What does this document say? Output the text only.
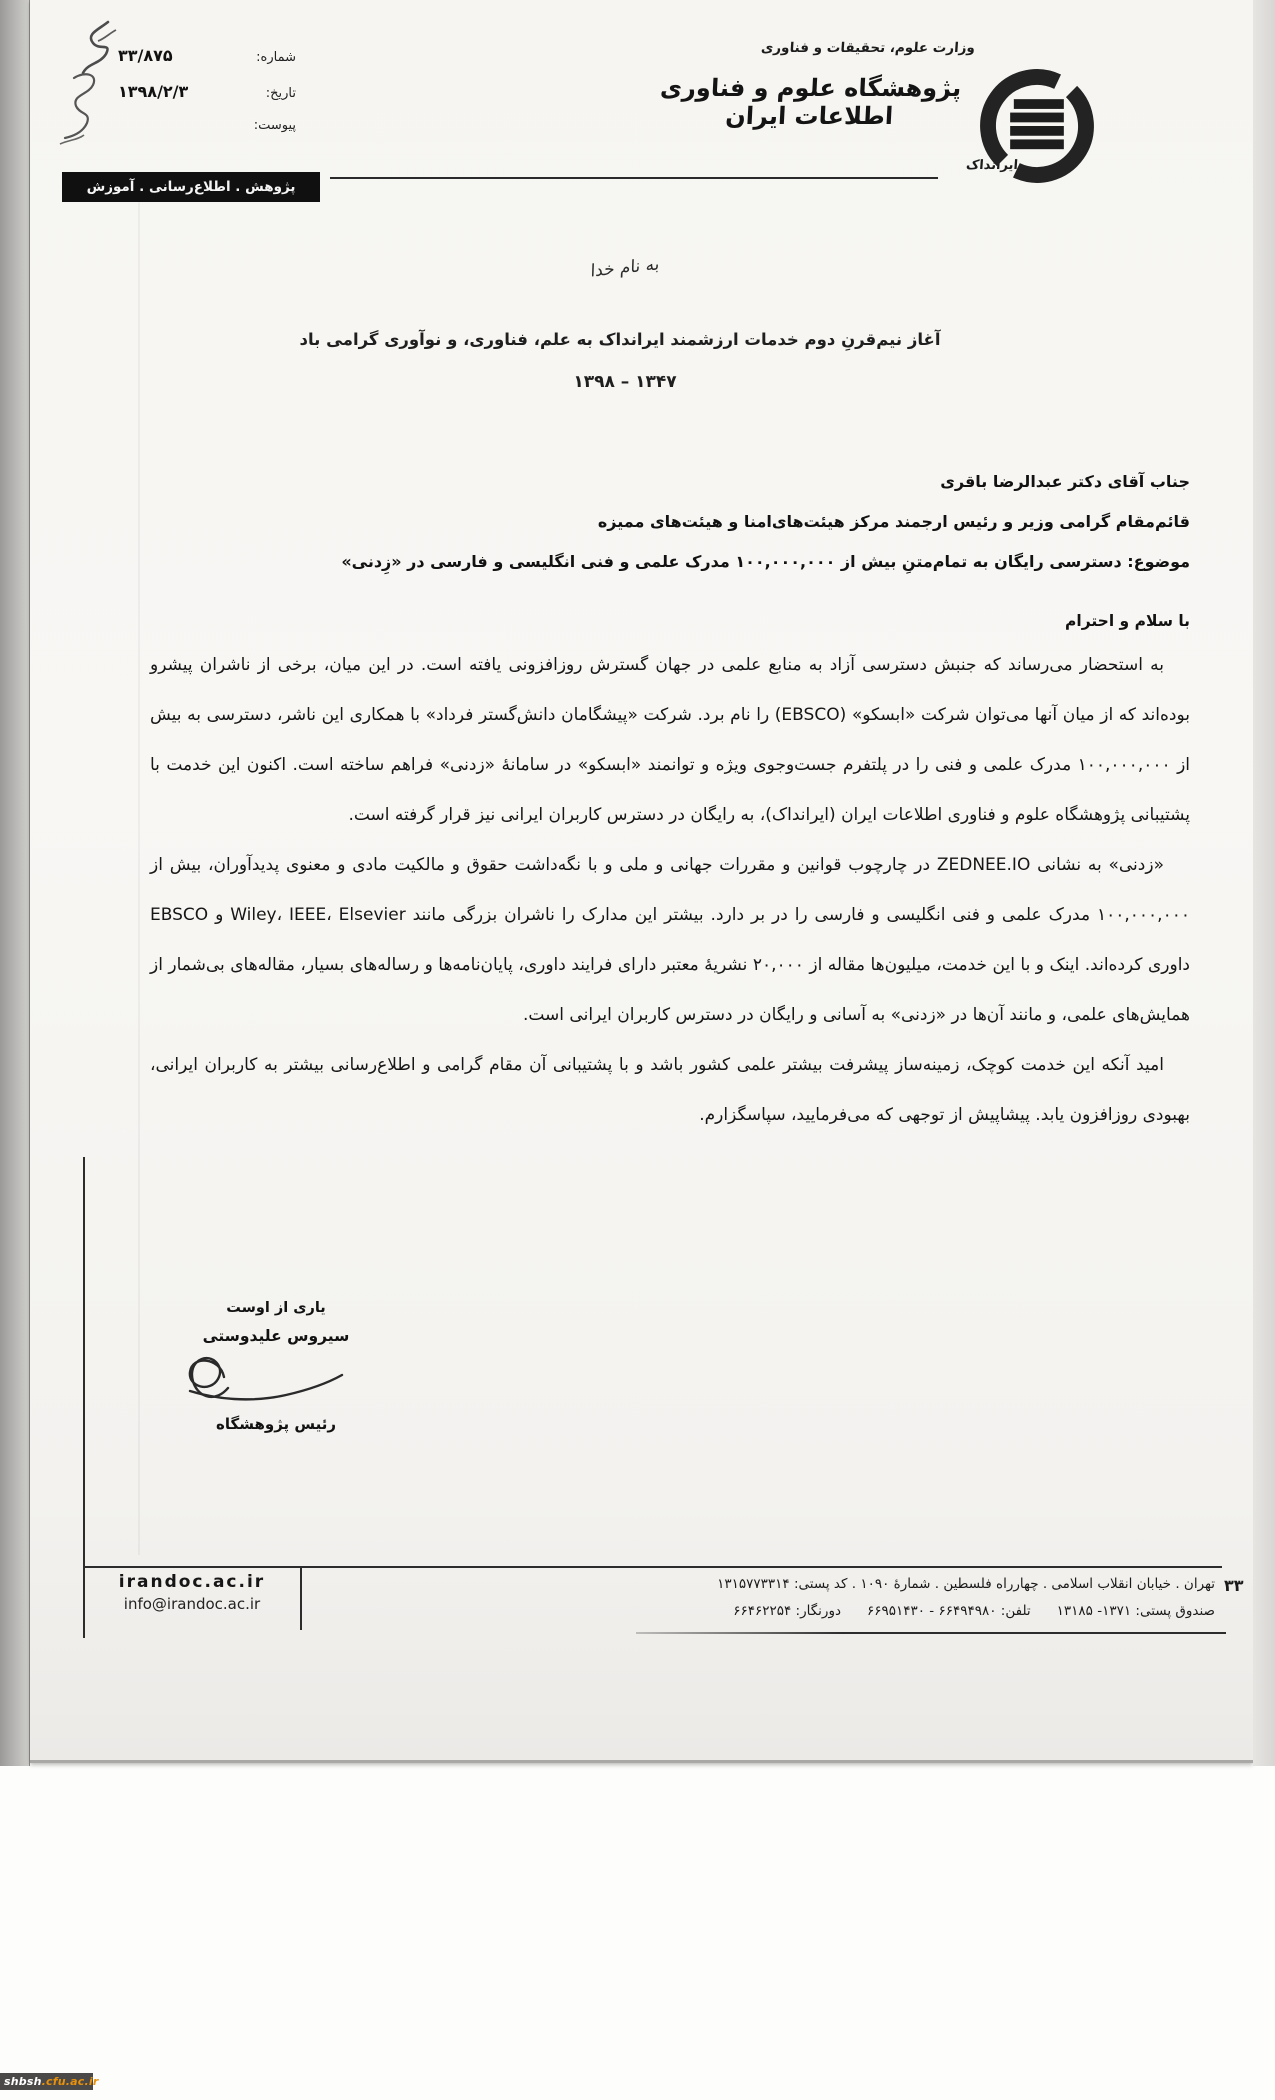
شماره:
۳۳/۸۷۵
تاریخ:
۱۳۹۸/۲/۳
پیوست:
وزارت علوم، تحقیقات و فناوری
پژوهشگاه علوم و فناوری اطلاعات ایران
ایرانداک
پژوهش . اطلاع‌رسانی . آموزش
به نام خدا
آغاز نیم‌قرنِ دوم خدمات ارزشمند ایرانداک به علم، فناوری، و نوآوری گرامی باد
۱۳۴۷ – ۱۳۹۸
جناب آقای دکتر عبدالرضا باقری
قائم‌مقام گرامی وزیر و رئیس ارجمند مرکز هیئت‌های‌امنا و هیئت‌های ممیزه
موضوع: دسترسی رایگان به تمام‌متنِ بیش از ۱۰۰,۰۰۰,۰۰۰ مدرک علمی و فنی انگلیسی و فارسی در «زِدنی»
با سلام و احترام

به استحضار می‌رساند که جنبش دسترسی آزاد به منابع علمی در جهان گسترش روزافزونی یافته است. در این میان، برخی از ناشران پیشرو بوده‌اند که از میان آنها می‌توان شرکت «ابسکو» (EBSCO) را نام برد. شرکت «پیشگامان دانش‌گستر فرداد» با همکاری این ناشر، دسترسی به بیش از ۱۰۰,۰۰۰,۰۰۰ مدرک علمی و فنی را در پلتفرم جست‌وجوی ویژه و توانمند «ابسکو» در سامانهٔ «زدنی» فراهم ساخته است. اکنون این خدمت با پشتیبانی پژوهشگاه علوم و فناوری اطلاعات ایران (ایرانداک)، به رایگان در دسترس کاربران ایرانی نیز قرار گرفته است.

«زدنی» به نشانی ZEDNEE.IO در چارچوب قوانین و مقررات جهانی و ملی و با نگه‌داشت حقوق و مالکیت مادی و معنوی پدیدآوران، بیش از ۱۰۰,۰۰۰,۰۰۰ مدرک علمی و فنی انگلیسی و فارسی را در بر دارد. بیشتر این مدارک را ناشران بزرگی مانند Wiley، IEEE، Elsevier و EBSCO داوری کرده‌اند. اینک و با این خدمت، میلیون‌ها مقاله از ۲۰,۰۰۰ نشریهٔ معتبر دارای فرایند داوری، پایان‌نامه‌ها و رساله‌های بسیار، مقاله‌های بی‌شمار از همایش‌های علمی، و مانند آن‌ها در «زدنی» به آسانی و رایگان در دسترس کاربران ایرانی است.

امید آنکه این خدمت کوچک، زمینه‌ساز پیشرفت بیشتر علمی کشور باشد و با پشتیبانی آن مقام گرامی و اطلاع‌رسانی بیشتر به کاربران ایرانی، بهبودی روزافزون یابد. پیشاپیش از توجهی که می‌فرمایید، سپاسگزارم.

یاری از اوست
سیروس علیدوستی
رئیس پژوهشگاه
irandoc.ac.ir
info@irandoc.ac.ir
تهران . خیابان انقلاب اسلامی . چهارراه فلسطین . شمارهٔ ۱۰۹۰ . کد پستی: ۱۳۱۵۷۷۳۳۱۴
صندوق پستی: ۱۳۷۱- ۱۳۱۸۵تلفن: ۶۶۴۹۴۹۸۰ - ۶۶۹۵۱۴۳۰دورنگار: ۶۶۴۶۲۲۵۴
۳۳
shbsh .cfu.ac.ir
